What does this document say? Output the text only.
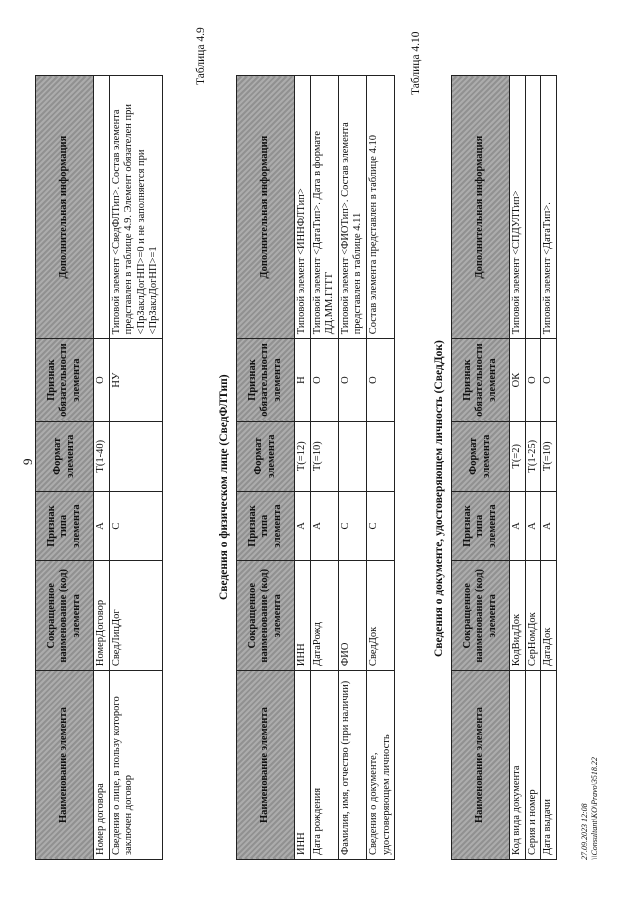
9
Наименование элемента	Сокращенное наименование (код) элемента	Признак типа элемента	Формат элемента	Признак обязательности элемента	Дополнительная информация
Номер договора	НомерДоговор	А	Т(1-40)	О	
Сведения о лице, в пользу которого заключен договор	СведЛицДог	С		НУ	Типовой элемент <СведФЛТип>. Состав элемента представлен в таблице 4.9. Элемент обязателен при <ПрЗаклДогНП>=0 и не заполняется при <ПрЗаклДогНП>=1
Таблица 4.9
Сведения о физическом лице (СведФЛТип)
Наименование элемента	Сокращенное наименование (код) элемента	Признак типа элемента	Формат элемента	Признак обязательности элемента	Дополнительная информация
ИНН	ИНН	А	Т(=12)	Н	Типовой элемент <ИННФЛТип>
Дата рождения	ДатаРожд	А	Т(=10)	О	Типовой элемент <ДатаТип>. Дата в формате ДД.ММ.ГГГГ
Фамилия, имя, отчество (при наличии)	ФИО	С		О	Типовой элемент <ФИОТип>. Состав элемента представлен в таблице 4.11
Сведения о документе, удостоверяющем личность	СведДок	С		О	Состав элемента представлен в таблице 4.10
Таблица 4.10
Сведения о документе, удостоверяющем личность (СведДок)
Наименование элемента	Сокращенное наименование (код) элемента	Признак типа элемента	Формат элемента	Признак обязательности элемента	Дополнительная информация
Код вида документа	КодВидДок	А	Т(=2)	ОК	Типовой элемент <СПДУЛТип>
Серия и номер	СерНомДок	А	Т(1-25)	О	
Дата выдачи	ДатаДок	А	Т(=10)	О	Типовой элемент <ДатаТип>.
27.09.2023 12:08 \\Consultant\KO\Pravo\3518.22
